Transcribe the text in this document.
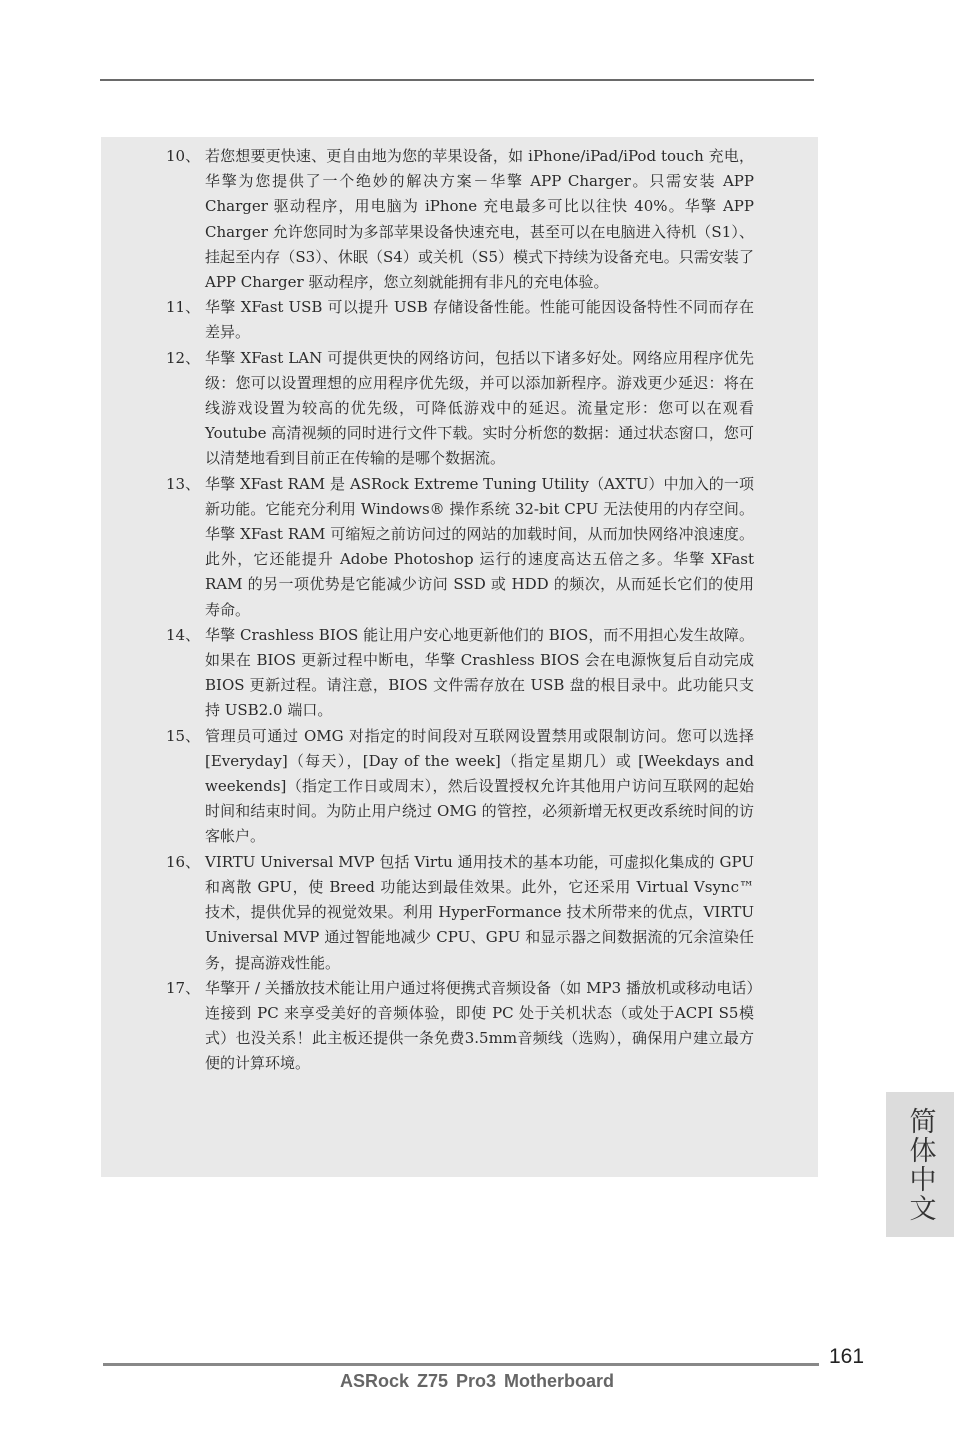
10、 若您想要更快速、更自由地为您的苹果设备，如 iPhone/iPad/iPod touch 充电，华擎为您提供了一个绝妙的解决方案－华擎 APP Charger。只需安装 APP Charger 驱动程序，用电脑为 iPhone 充电最多可比以往快 40%。华擎 APP Charger 允许您同时为多部苹果设备快速充电，甚至可以在电脑进入待机（S1）、挂起至内存（S3）、休眠（S4）或关机（S5）模式下持续为设备充电。只需安装了 APP Charger 驱动程序，您立刻就能拥有非凡的充电体验。
11、 华擎 XFast USB 可以提升 USB 存储设备性能。性能可能因设备特性不同而存在差异。
12、 华擎 XFast LAN 可提供更快的网络访问，包括以下诸多好处。网络应用程序优先级：您可以设置理想的应用程序优先级，并可以添加新程序。游戏更少延迟：将在线游戏设置为较高的优先级，可降低游戏中的延迟。流量定形：您可以在观看 Youtube 高清视频的同时进行文件下载。实时分析您的数据：通过状态窗口，您可以清楚地看到目前正在传输的是哪个数据流。
13、 华擎 XFast RAM 是 ASRock Extreme Tuning Utility（AXTU）中加入的一项新功能。它能充分利用 Windows® 操作系统 32-bit CPU 无法使用的内存空间。华擎 XFast RAM 可缩短之前访问过的网站的加载时间，从而加快网络冲浪速度。此外，它还能提升 Adobe Photoshop 运行的速度高达五倍之多。华擎 XFast RAM 的另一项优势是它能减少访问 SSD 或 HDD 的频次，从而延长它们的使用寿命。
14、 华擎 Crashless BIOS 能让用户安心地更新他们的 BIOS，而不用担心发生故障。如果在 BIOS 更新过程中断电，华擎 Crashless BIOS 会在电源恢复后自动完成 BIOS 更新过程。请注意，BIOS 文件需存放在 USB 盘的根目录中。此功能只支持 USB2.0 端口。
15、 管理员可通过 OMG 对指定的时间段对互联网设置禁用或限制访问。您可以选择 [Everyday]（每天），[Day of the week]（指定星期几）或 [Weekdays and weekends]（指定工作日或周末），然后设置授权允许其他用户访问互联网的起始时间和结束时间。为防止用户绕过 OMG 的管控，必须新增无权更改系统时间的访客帐户。
16、 VIRTU Universal MVP 包括 Virtu 通用技术的基本功能，可虚拟化集成的 GPU 和离散 GPU，使 Breed 功能达到最佳效果。此外，它还采用 Virtual Vsync™ 技术，提供优异的视觉效果。利用 HyperFormance 技术所带来的优点，VIRTU Universal MVP 通过智能地减少 CPU、GPU 和显示器之间数据流的冗余渲染任务，提高游戏性能。
17、 华擎开 / 关播放技术能让用户通过将便携式音频设备（如 MP3 播放机或移动电话）连接到 PC 来享受美好的音频体验，即使 PC 处于关机状态（或处于ACPI S5模式）也没关系！此主板还提供一条免费3.5mm音频线（选购），确保用户建立最方便的计算环境。
简体中文
161
ASRock Z75 Pro3 Motherboard
